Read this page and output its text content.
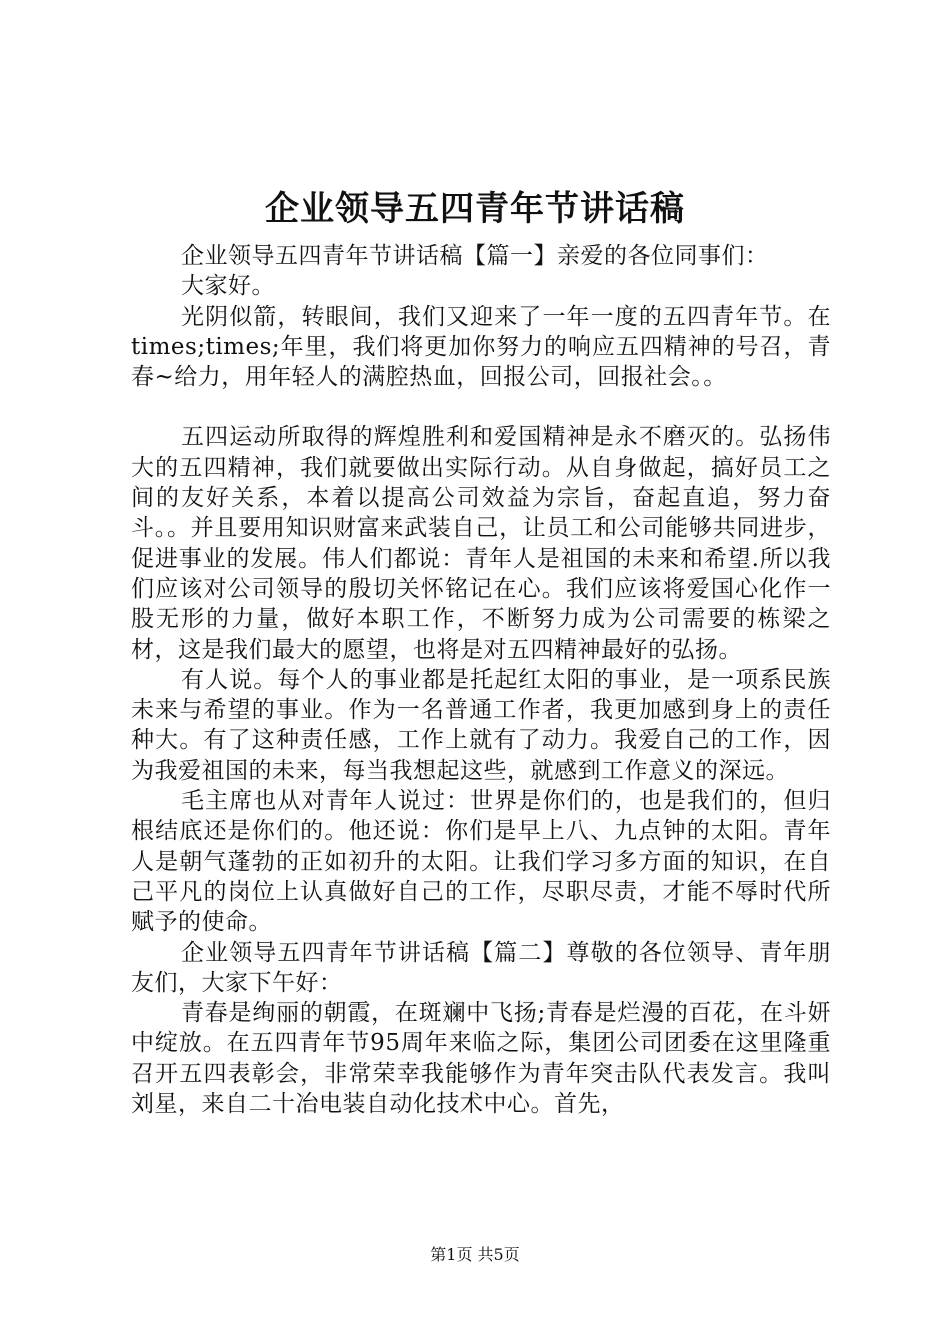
企业领导五四青年节讲话稿

企业领导五四青年节讲话稿【篇一】亲爱的各位同事们：

大家好。

光阴似箭，转眼间，我们又迎来了一年一度的五四青年节。在times;times;年里，我们将更加你努力的响应五四精神的号召，青春~给力，用年轻人的满腔热血，回报公司，回报社会。。

五四运动所取得的辉煌胜利和爱国精神是永不磨灭的。弘扬伟大的五四精神，我们就要做出实际行动。从自身做起，搞好员工之间的友好关系，本着以提高公司效益为宗旨，奋起直追，努力奋斗。。并且要用知识财富来武装自己，让员工和公司能够共同进步，促进事业的发展。伟人们都说：青年人是祖国的未来和希望.所以我们应该对公司领导的殷切关怀铭记在心。我们应该将爱国心化作一股无形的力量，做好本职工作，不断努力成为公司需要的栋梁之材，这是我们最大的愿望，也将是对五四精神最好的弘扬。

有人说。每个人的事业都是托起红太阳的事业，是一项系民族未来与希望的事业。作为一名普通工作者，我更加感到身上的责任种大。有了这种责任感，工作上就有了动力。我爱自己的工作，因为我爱祖国的未来，每当我想起这些，就感到工作意义的深远。

毛主席也从对青年人说过：世界是你们的，也是我们的，但归根结底还是你们的。他还说：你们是早上八、九点钟的太阳。青年人是朝气蓬勃的正如初升的太阳。让我们学习多方面的知识，在自己平凡的岗位上认真做好自己的工作，尽职尽责，才能不辱时代所赋予的使命。

企业领导五四青年节讲话稿【篇二】尊敬的各位领导、青年朋友们，大家下午好：

青春是绚丽的朝霞，在斑斓中飞扬;青春是烂漫的百花，在斗妍中绽放。在五四青年节95周年来临之际，集团公司团委在这里隆重召开五四表彰会，非常荣幸我能够作为青年突击队代表发言。我叫刘星，来自二十冶电装自动化技术中心。首先，

第1页 共5页
